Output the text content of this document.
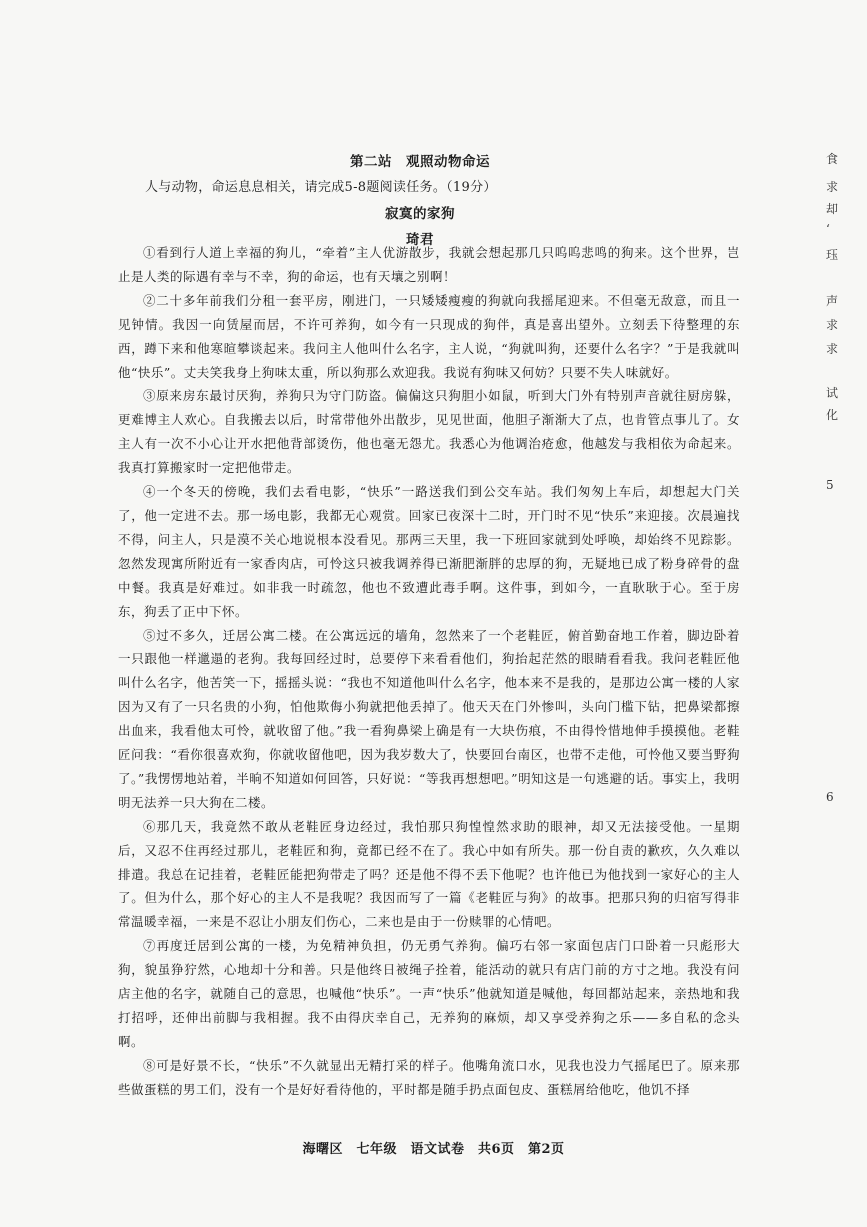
第二站　观照动物命运
人与动物，命运息息相关，请完成5-8题阅读任务。（19分）
寂寞的家狗
琦君

①看到行人道上幸福的狗儿，“牵着”主人优游散步，我就会想起那几只呜呜悲鸣的狗来。这个世界，岂止是人类的际遇有幸与不幸，狗的命运，也有天壤之别啊！

②二十多年前我们分租一套平房，刚进门，一只矮矮瘦瘦的狗就向我摇尾迎来。不但毫无敌意，而且一见钟情。我因一向赁屋而居，不许可养狗，如今有一只现成的狗伴，真是喜出望外。立刻丢下待整理的东西，蹲下来和他寒暄攀谈起来。我问主人他叫什么名字，主人说，“狗就叫狗，还要什么名字？”于是我就叫他“快乐”。丈夫笑我身上狗味太重，所以狗那么欢迎我。我说有狗味又何妨？只要不失人味就好。

③原来房东最讨厌狗，养狗只为守门防盗。偏偏这只狗胆小如鼠，听到大门外有特别声音就往厨房躲，更难博主人欢心。自我搬去以后，时常带他外出散步，见见世面，他胆子渐渐大了点，也肯管点事儿了。女主人有一次不小心让开水把他背部烫伤，他也毫无怨尤。我悉心为他调治疮愈，他越发与我相依为命起来。我真打算搬家时一定把他带走。

④一个冬天的傍晚，我们去看电影，“快乐”一路送我们到公交车站。我们匆匆上车后，却想起大门关了，他一定进不去。那一场电影，我都无心观赏。回家已夜深十二时，开门时不见“快乐”来迎接。次晨遍找不得，问主人，只是漠不关心地说根本没看见。那两三天里，我一下班回家就到处呼唤，却始终不见踪影。忽然发现寓所附近有一家香肉店，可怜这只被我调养得已渐肥渐胖的忠厚的狗，无疑地已成了粉身碎骨的盘中餐。我真是好难过。如非我一时疏忽，他也不致遭此毒手啊。这件事，到如今，一直耿耿于心。至于房东，狗丢了正中下怀。

⑤过不多久，迁居公寓二楼。在公寓远远的墙角，忽然来了一个老鞋匠，俯首勤奋地工作着，脚边卧着一只跟他一样邋遢的老狗。我每回经过时，总要停下来看看他们，狗抬起茫然的眼睛看看我。我问老鞋匠他叫什么名字，他苦笑一下，摇摇头说：“我也不知道他叫什么名字，他本来不是我的，是那边公寓一楼的人家因为又有了一只名贵的小狗，怕他欺侮小狗就把他丢掉了。他天天在门外惨叫，头向门槛下钻，把鼻梁都擦出血来，我看他太可怜，就收留了他。”我一看狗鼻梁上确是有一大块伤痕，不由得怜惜地伸手摸摸他。老鞋匠问我：“看你很喜欢狗，你就收留他吧，因为我岁数大了，快要回台南区，也带不走他，可怜他又要当野狗了。”我愣愣地站着，半晌不知道如何回答，只好说：“等我再想想吧。”明知这是一句逃避的话。事实上，我明明无法养一只大狗在二楼。

⑥那几天，我竟然不敢从老鞋匠身边经过，我怕那只狗惶惶然求助的眼神，却又无法接受他。一星期后，又忍不住再经过那儿，老鞋匠和狗，竟都已经不在了。我心中如有所失。那一份自责的歉疚，久久难以排遣。我总在记挂着，老鞋匠能把狗带走了吗？还是他不得不丢下他呢？也许他已为他找到一家好心的主人了。但为什么，那个好心的主人不是我呢？我因而写了一篇《老鞋匠与狗》的故事。把那只狗的归宿写得非常温暖幸福，一来是不忍让小朋友们伤心，二来也是由于一份赎罪的心情吧。

⑦再度迁居到公寓的一楼，为免精神负担，仍无勇气养狗。偏巧右邻一家面包店门口卧着一只彪形大狗，貌虽狰狞然，心地却十分和善。只是他终日被绳子拴着，能活动的就只有店门前的方寸之地。我没有问店主他的名字，就随自己的意思，也喊他“快乐”。一声“快乐”他就知道是喊他，每回都站起来，亲热地和我打招呼，还伸出前脚与我相握。我不由得庆幸自己，无养狗的麻烦，却又享受养狗之乐——多自私的念头啊。

⑧可是好景不长，“快乐”不久就显出无精打采的样子。他嘴角流口水，见我也没力气摇尾巴了。原来那些做蛋糕的男工们，没有一个是好好看待他的，平时都是随手扔点面包皮、蛋糕屑给他吃，他饥不择

食
求
却
‘
珏
声
求
求
试
化
5
6
海曙区　七年级　语文试卷　共6页　第2页
